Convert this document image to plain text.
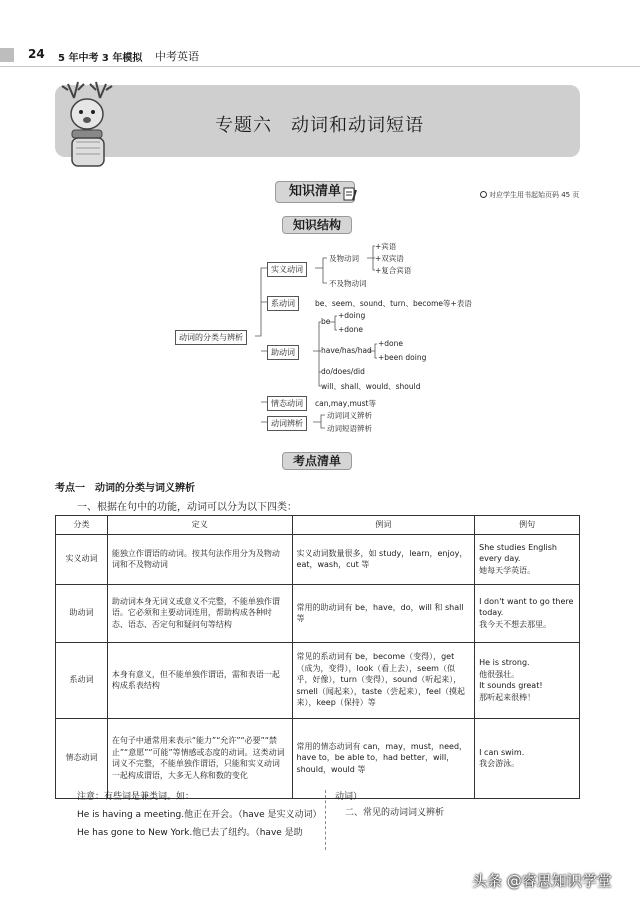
24 5 年中考 3 年模拟 中考英语
专题六　动词和动词短语
知识清单	对应学生用书起始页码 45 页
知识结构
动词的分类与辨析
实义动词
及物动词
+宾语
+双宾语
+复合宾语
不及物动词
系动词	be、seem、sound、turn、become等+表语
助动词
be
+doing
+done
have/has/had
+done
+been doing
do/does/did
will、shall、would、should
情态动词	can,may,must等
动词辨析
动词词义辨析
动词短语辨析
考点清单
考点一　动词的分类与词义辨析
一、根据在句中的功能，动词可以分为以下四类：
分类	定义	例词	例句
实义动词	能独立作谓语的动词。按其句法作用分为及物动词和不及物动词	实义动词数量很多，如 study，learn，enjoy，eat，wash，cut 等	She studies English every day.
她每天学英语。

助动词	助动词本身无词义或意义不完整，不能单独作谓语。它必须和主要动词连用，帮助构成各种时态、语态、否定句和疑问句等结构	常用的助动词有 be，have，do，will 和 shall 等	I don't want to go there today.
我今天不想去那里。

系动词	本身有意义，但不能单独作谓语，需和表语一起构成系表结构	常见的系动词有 be，become（变得），get（成为，变得），look（看上去），seem（似乎，好像），turn（变得），sound（听起来），smell（闻起来），taste（尝起来），feel（摸起来），keep（保持）等	He is strong.
他很强壮。
It sounds great!
那听起来很棒！

情态动词	在句子中通常用来表示“能力”“允许”“必要”“禁止”“意愿”“可能”等情感或态度的动词。这类动词词义不完整，不能单独作谓语，只能和实义动词一起构成谓语，大多无人称和数的变化	常用的情态动词有 can，may，must，need，have to，be able to，had better，will，should，would 等	I can swim.
我会游泳。

注意：有些词是兼类词。如：

He is having a meeting.他正在开会。（have 是实义动词）

He has gone to New York.他已去了纽约。（have 是助

动词）

二、常见的动词词义辨析

头条 @睿思知识学堂
